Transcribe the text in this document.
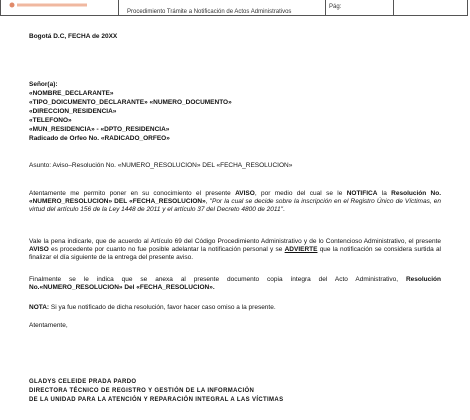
Procedimiento Trámite a Notificación de Actos Administrativos
Pág:
Bogotá D.C, FECHA de 20XX
Señor(a):
«NOMBRE_DECLARANTE»
«TIPO_DOICUMENTO_DECLARANTE» «NUMERO_DOCUMENTO»
«DIRECCION_RESIDENCIA»
«TELEFONO»
«MUN_RESIDENCIA» - «DPTO_RESIDENCIA»
Radicado de Orfeo No. «RADICADO_ORFEO»
Asunto: Aviso–Resolución No. «NUMERO_RESOLUCION» DEL «FECHA_RESOLUCION»
Atentamente me permito poner en su conocimiento el presente AVISO, por medio del cual se le NOTIFICA la Resolución No. «NUMERO_RESOLUCION» DEL «FECHA_RESOLUCION», "Por la cual se decide sobre la inscripción en el Registro Único de Víctimas, en virtud del artículo 156 de la Ley 1448 de 2011 y el artículo 37 del Decreto 4800 de 2011".
Vale la pena indicarle, que de acuerdo al Artículo 69 del Código Procedimiento Administrativo y de lo Contencioso Administrativo, el presente AVISO es procedente por cuanto no fue posible adelantar la notificación personal y se ADVIERTE que la notificación se considera surtida al finalizar el día siguiente de la entrega del presente aviso.
Finalmente se le indica que se anexa al presente documento copia íntegra del Acto Administrativo, Resolución No.«NUMERO_RESOLUCION» Del «FECHA_RESOLUCION».
NOTA: Si ya fue notificado de dicha resolución, favor hacer caso omiso a la presente.
Atentamente,
GLADYS CELEIDE PRADA PARDO
DIRECTORA TÉCNICO DE REGISTRO Y GESTIÓN DE LA INFORMACIÓN
DE LA UNIDAD PARA LA ATENCIÓN Y REPARACIÓN INTEGRAL A LAS VÍCTIMAS
